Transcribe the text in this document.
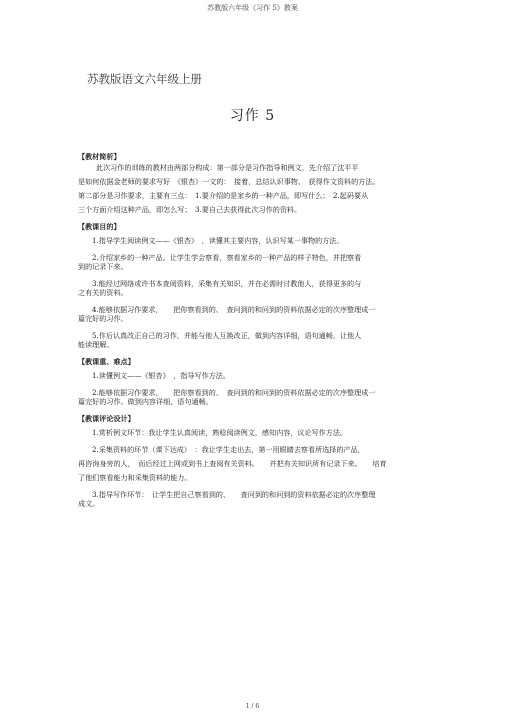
苏教版六年级《习作 5》教案
苏教版语文六年级上册
习作 5
【教材简析】
此次习作的训练的教材由两部分构成：第一部分是习作指导和例文，先介绍了沈平平
是如何依据金老师的要求写好　《银杏》一文的：　接着，总结认识事物、　获得作文资料的方法。
第二部分是习作要求，主要有三点：　1.要介绍的是家乡的一种产品，即写什么；　2.起码要从
三个方面介绍这种产品，即怎么写；　3.要自己去获得此次习作的资料。
【教课目的】
1.指导学生阅读例文——《银杏》　，读懂其主要内容，认识写某一事物的方法。
2.介绍家乡的一种产品。让学生学会察看，察看家乡的一种产品的样子特色，并把察看
到的记录下来。
3.能经过网络或许书本查阅资料，采集有关知识，并在必需时讨教他人，获得更多的与
之有关的资料。
4.能够依据习作要求，　　把你察看到的、　查问到的和问到的资料依据必定的次序整理成一
篇完好的习作。
5.作后认真改正自己的习作，并能与他人互换改正，做到内容详细，语句通畅，让他人
能读理解。
【教课重、难点】
1.读懂例文——《银杏》　，指导写作方法。
2.能够依据习作要求，　　把你察看到的、　查问到的和问到的资料依据必定的次序整理成一
篇完好的习作。做到内容详细，语句通畅。
【教课评论设计】
1.赏析例文环节：我让学生认真阅读，熟稔阅读例文，感知内容，议论写作方法。
2.采集资料的环节（课下达成）　：我让学生走出去，第一用眼睛去察看所选择的产品，
再咨询身旁的人，　而后经过上网或到书上查阅有关资料。　　并把有关知识所有记录下来。　　培育
了他们察看能力和采集资料的能力。
3.指导写作环节：　让学生把自己察看到的、　　查问到的和问到的资料依据必定的次序整理
成文。
1 / 6
